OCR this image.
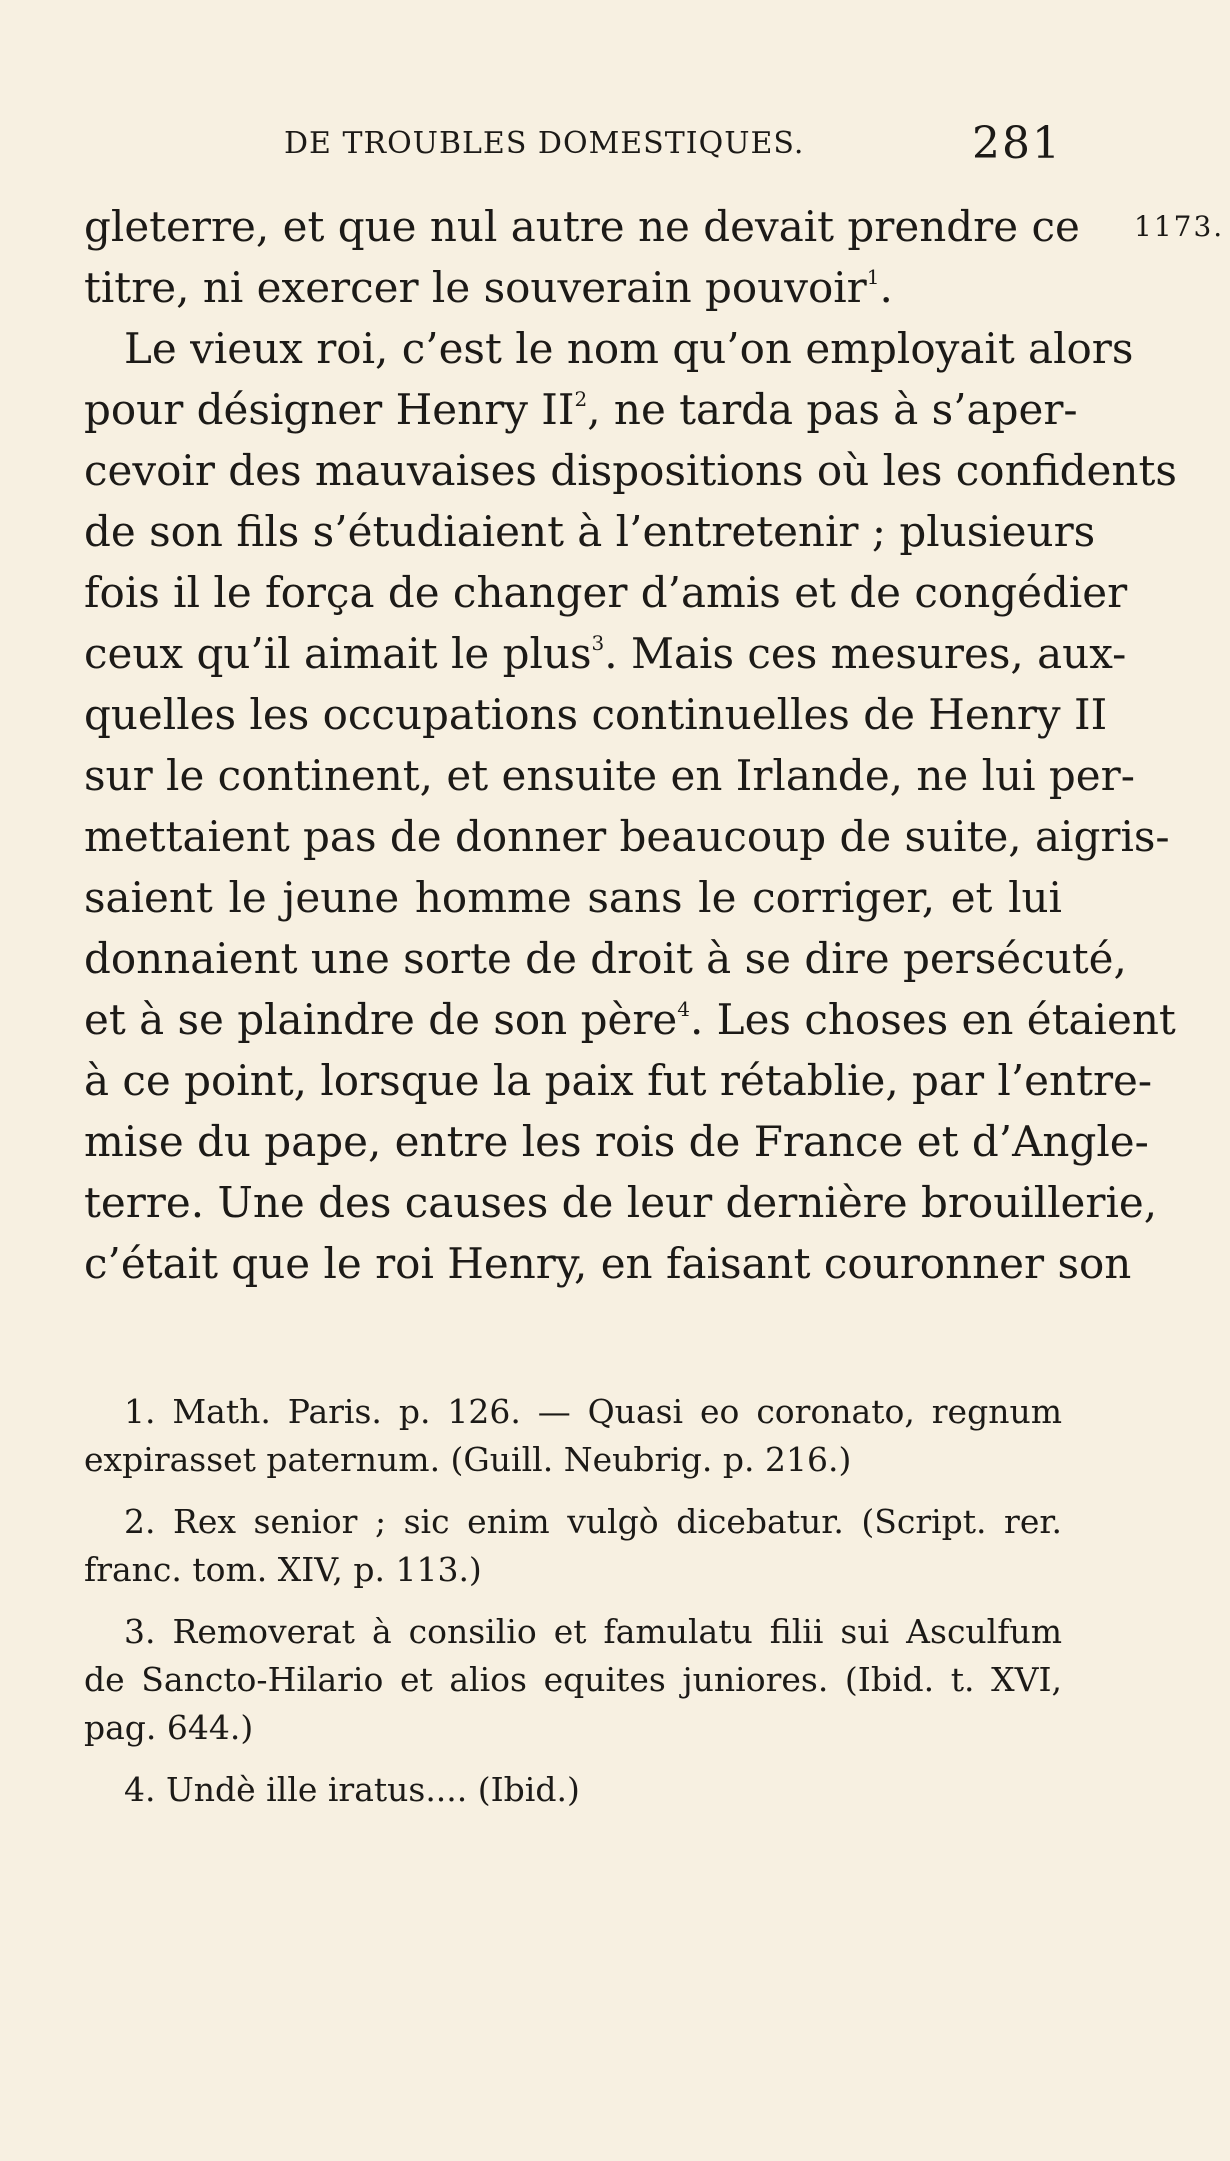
DE TROUBLES DOMESTIQUES.	281
gleterre, et que nul autre ne devait prendre ce 1173.
titre, ni exercer le souverain pouvoir$^1$.
Le vieux roi, c’est le nom qu’on employait alors
pour désigner Henry $II^2$, ne tarda pas à s’aper-
cevoir des mauvaises dispositions où les confidents
de son fils s’étudiaient à l’entretenir ; plusieurs
fois il le força de changer d’amis et de congédier
ceux qu’il aimait le plus$^3$. Mais ces mesures, aux-
quelles les occupations continuelles de Henry II
sur le continent, et ensuite en Irlande, ne lui per-
mettaient pas de donner beaucoup de suite, aigris-
saient le jeune homme sans le corriger, et lui
donnaient une sorte de droit à se dire persécuté,
et à se plaindre de son père$^4$. Les choses en étaient
à ce point, lorsque la paix fut rétablie, par l’entre-
mise du pape, entre les rois de France et d’Angle-
terre. Une des causes de leur dernière brouillerie,
c’était que le roi Henry, en faisant couronner son
1. Math. Paris. p. 126. — Quasi eo coronato, regnum
expirasset paternum. (Guill. Neubrig. p. 216.)
2. Rex senior ; sic enim vulgò dicebatur. (Script. rer.
franc. tom. XIV, p. 113.)
3. Removerat à consilio et famulatu filii sui Asculfum
de Sancto-Hilario et alios equites juniores. (Ibid. t. XVI,
pag. 644.)
4. Undè ille iratus.... (Ibid.)
